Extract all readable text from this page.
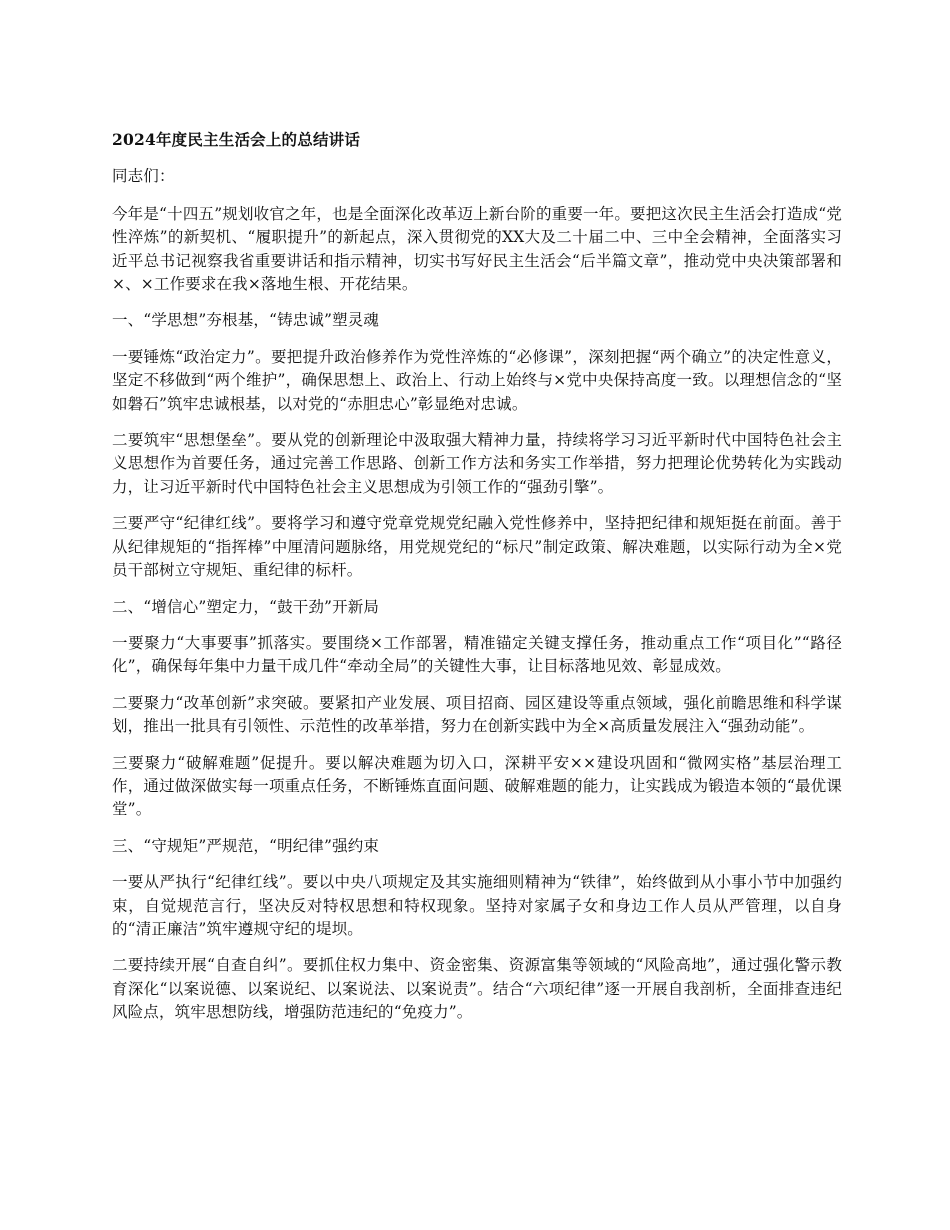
2024年度民主生活会上的总结讲话
同志们：
今年是“十四五”规划收官之年，也是全面深化改革迈上新台阶的重要一年。要把这次民主生活会打造成“党性淬炼”的新契机、“履职提升”的新起点，深入贯彻党的XX大及二十届二中、三中全会精神，全面落实习近平总书记视察我省重要讲话和指示精神，切实书写好民主生活会“后半篇文章”，推动党中央决策部署和×、×工作要求在我×落地生根、开花结果。
一、“学思想”夯根基，“铸忠诚”塑灵魂
一要锤炼“政治定力”。要把提升政治修养作为党性淬炼的“必修课”，深刻把握“两个确立”的决定性意义，坚定不移做到“两个维护”，确保思想上、政治上、行动上始终与×党中央保持高度一致。以理想信念的“坚如磐石”筑牢忠诚根基，以对党的“赤胆忠心”彰显绝对忠诚。
二要筑牢“思想堡垒”。要从党的创新理论中汲取强大精神力量，持续将学习习近平新时代中国特色社会主义思想作为首要任务，通过完善工作思路、创新工作方法和务实工作举措，努力把理论优势转化为实践动力，让习近平新时代中国特色社会主义思想成为引领工作的“强劲引擎”。
三要严守“纪律红线”。要将学习和遵守党章党规党纪融入党性修养中，坚持把纪律和规矩挺在前面。善于从纪律规矩的“指挥棒”中厘清问题脉络，用党规党纪的“标尺”制定政策、解决难题，以实际行动为全×党员干部树立守规矩、重纪律的标杆。
二、“增信心”塑定力，“鼓干劲”开新局
一要聚力“大事要事”抓落实。要围绕×工作部署，精准锚定关键支撑任务，推动重点工作“项目化”“路径化”，确保每年集中力量干成几件“牵动全局”的关键性大事，让目标落地见效、彰显成效。
二要聚力“改革创新”求突破。要紧扣产业发展、项目招商、园区建设等重点领域，强化前瞻思维和科学谋划，推出一批具有引领性、示范性的改革举措，努力在创新实践中为全×高质量发展注入“强劲动能”。
三要聚力“破解难题”促提升。要以解决难题为切入口，深耕平安××建设巩固和“微网实格”基层治理工作，通过做深做实每一项重点任务，不断锤炼直面问题、破解难题的能力，让实践成为锻造本领的“最优课堂”。
三、“守规矩”严规范，“明纪律”强约束
一要从严执行“纪律红线”。要以中央八项规定及其实施细则精神为“铁律”，始终做到从小事小节中加强约束，自觉规范言行，坚决反对特权思想和特权现象。坚持对家属子女和身边工作人员从严管理，以自身的“清正廉洁”筑牢遵规守纪的堤坝。
二要持续开展“自查自纠”。要抓住权力集中、资金密集、资源富集等领域的“风险高地”，通过强化警示教育深化“以案说德、以案说纪、以案说法、以案说责”。结合“六项纪律”逐一开展自我剖析，全面排查违纪风险点，筑牢思想防线，增强防范违纪的“免疫力”。
